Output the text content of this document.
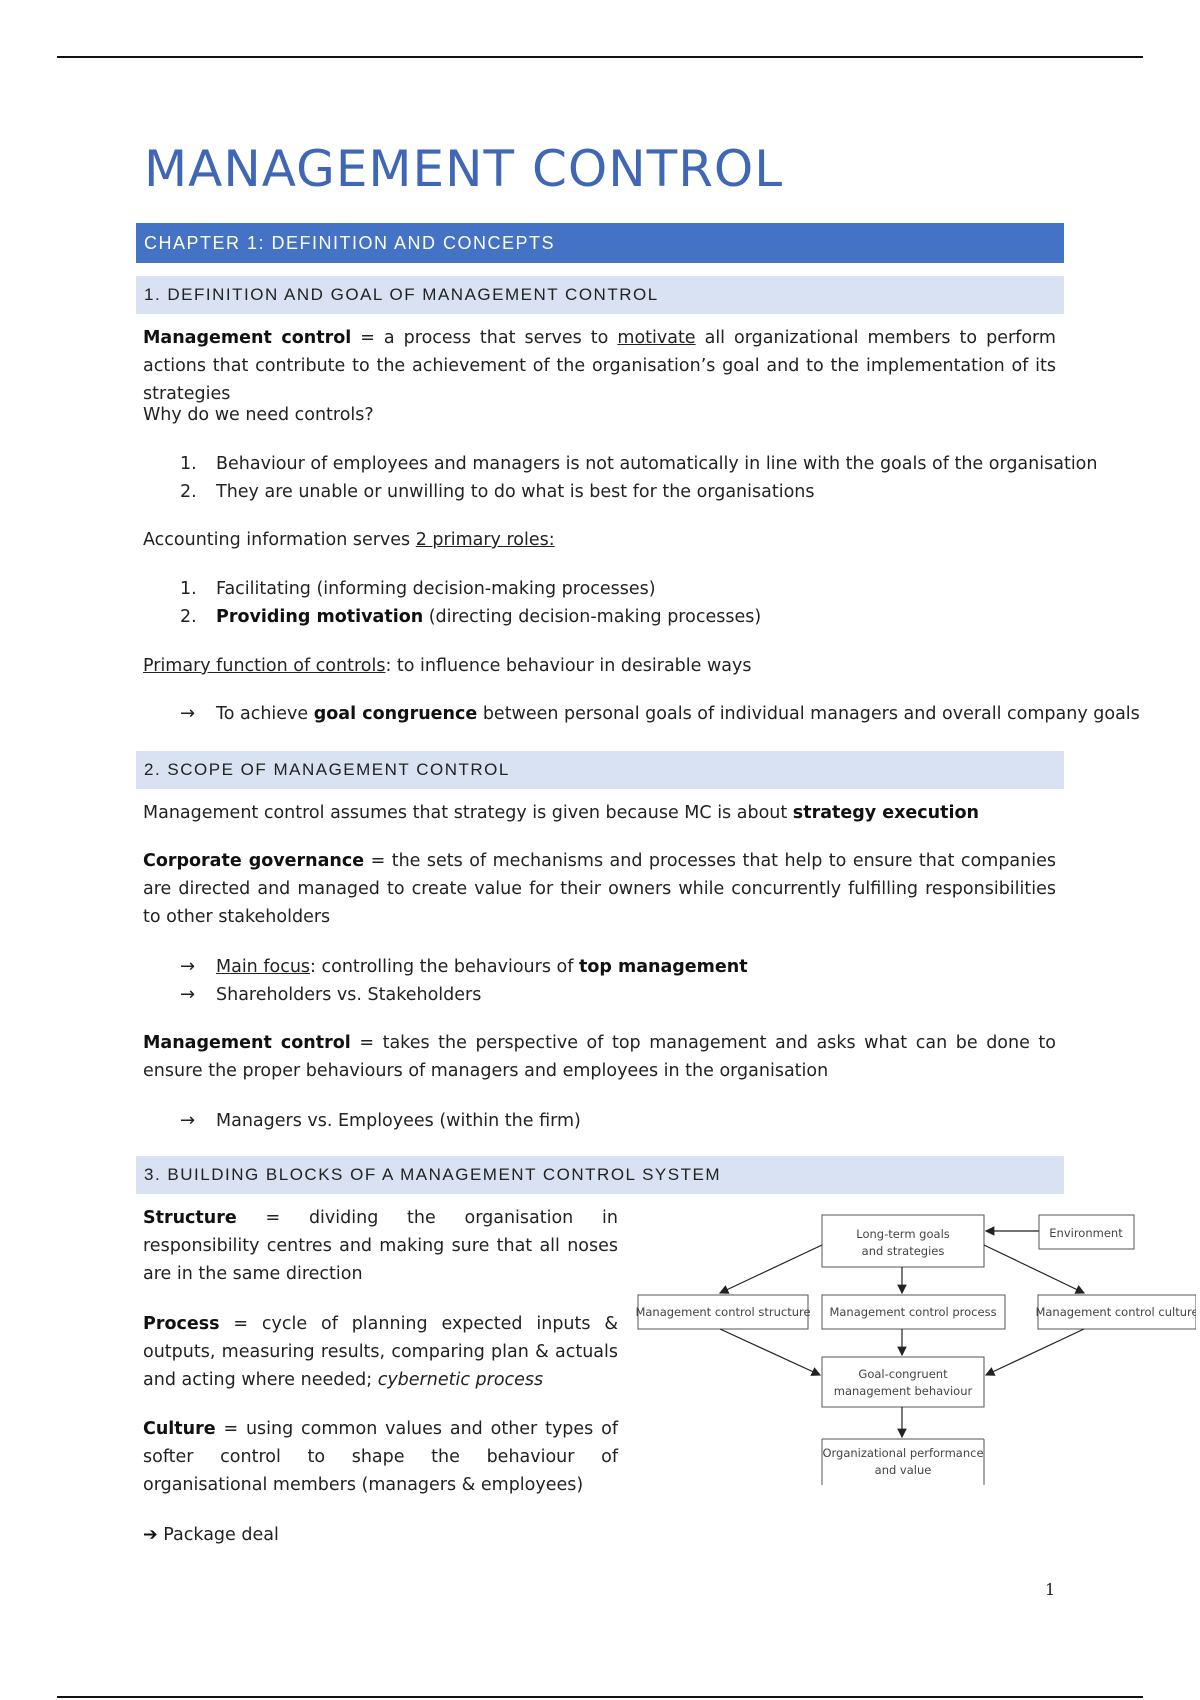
MANAGEMENT CONTROL
CHAPTER 1: DEFINITION AND CONCEPTS
1. DEFINITION AND GOAL OF MANAGEMENT CONTROL
Management control = a process that serves to motivate all organizational members to perform actions that contribute to the achievement of the organisation’s goal and to the implementation of its strategies
Why do we need controls?
1. Behaviour of employees and managers is not automatically in line with the goals of the organisation
2. They are unable or unwilling to do what is best for the organisations
Accounting information serves 2 primary roles:
1. Facilitating (informing decision-making processes)
2. Providing motivation (directing decision-making processes)
Primary function of controls: to influence behaviour in desirable ways
→ To achieve goal congruence between personal goals of individual managers and overall company goals
2. SCOPE OF MANAGEMENT CONTROL
Management control assumes that strategy is given because MC is about strategy execution
Corporate governance = the sets of mechanisms and processes that help to ensure that companies are directed and managed to create value for their owners while concurrently fulfilling responsibilities to other stakeholders
→ Main focus: controlling the behaviours of top management
→ Shareholders vs. Stakeholders
Management control = takes the perspective of top management and asks what can be done to ensure the proper behaviours of managers and employees in the organisation
→ Managers vs. Employees (within the firm)
3. BUILDING BLOCKS OF A MANAGEMENT CONTROL SYSTEM
Structure = dividing the organisation in responsibility centres and making sure that all noses are in the same direction
Process = cycle of planning expected inputs & outputs, measuring results, comparing plan & actuals and acting where needed; cybernetic process
Culture = using common values and other types of softer control to shape the behaviour of organisational members (managers & employees)
➔ Package deal
Long-term goals
and strategies
Environment
Management control structure Management control process	Management control culture
Goal-congruent
management behaviour
Organizational performance
and value
1
